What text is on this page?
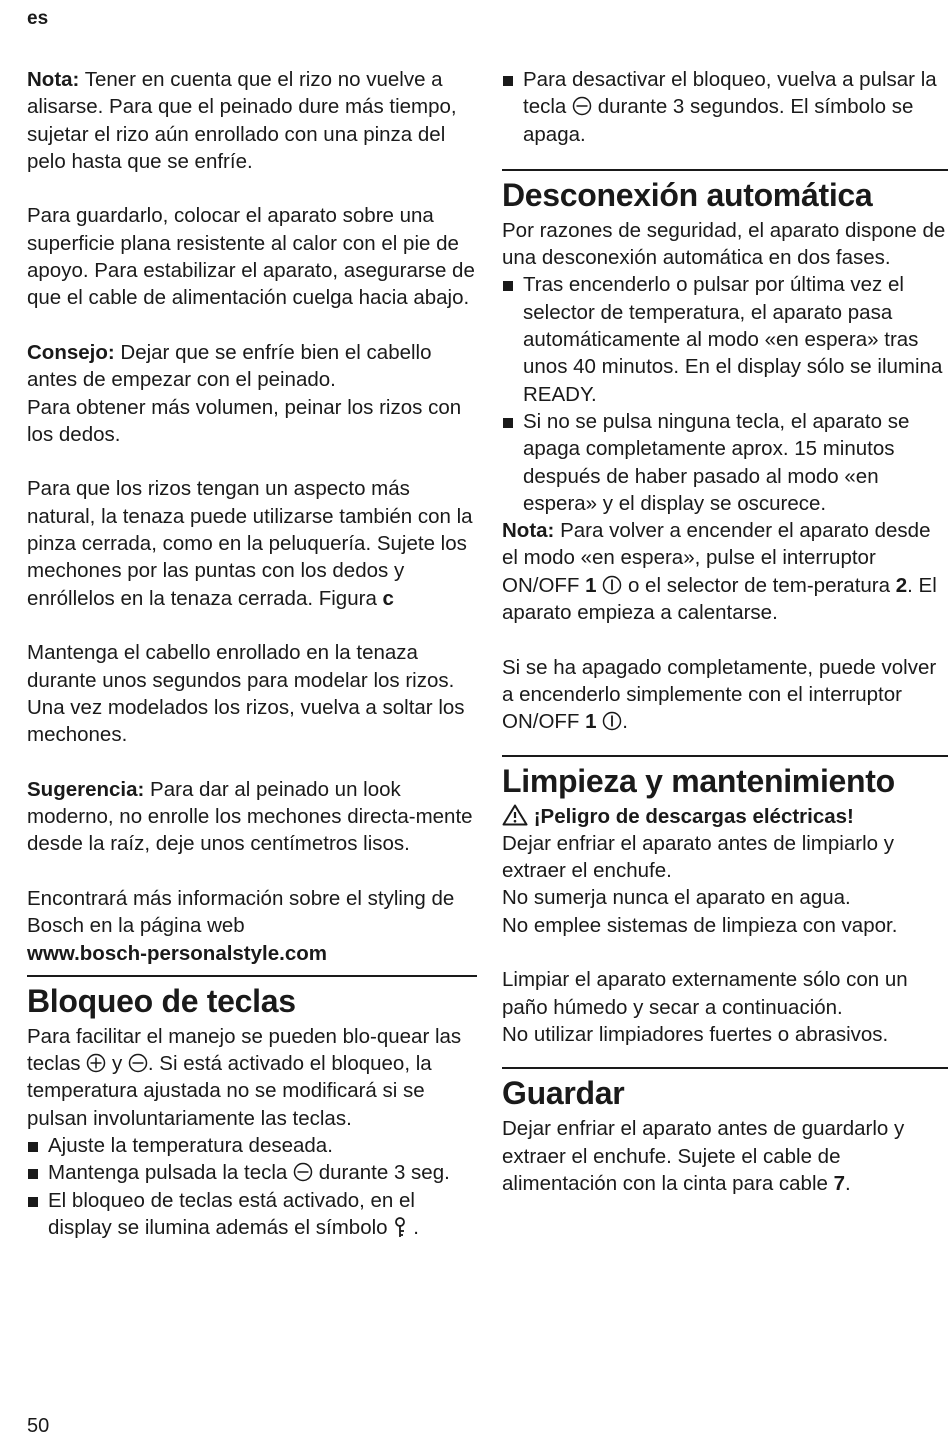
es

Nota: Tener en cuenta que el rizo no vuelve a alisarse. Para que el peinado dure más tiempo, sujetar el rizo aún enrollado con una pinza del pelo hasta que se enfríe.

Para guardarlo, colocar el aparato sobre una superficie plana resistente al calor con el pie de apoyo. Para estabilizar el aparato, asegurarse de que el cable de alimentación cuelga hacia abajo.

Consejo: Dejar que se enfríe bien el cabello antes de empezar con el peinado.
Para obtener más volumen, peinar los rizos con los dedos.

Para que los rizos tengan un aspecto más natural, la tenaza puede utilizarse también con la pinza cerrada, como en la peluquería. Sujete los mechones por las puntas con los dedos y enróllelos en la tenaza cerrada. Figura c

Mantenga el cabello enrollado en la tenaza durante unos segundos para modelar los rizos. Una vez modelados los rizos, vuelva a soltar los mechones.

Sugerencia: Para dar al peinado un look moderno, no enrolle los mechones directa-mente desde la raíz, deje unos centímetros lisos.

Encontrará más información sobre el styling de Bosch en la página web
www.bosch-personalstyle.com

Bloqueo de teclas

Para facilitar el manejo se pueden blo-quear las teclas
y
. Si está activado el bloqueo, la temperatura ajustada no se modificará si se pulsan involuntariamente las teclas.

Ajuste la temperatura deseada.
Mantenga pulsada la tecla
durante 3 seg.
El bloqueo de teclas está activado, en el display se ilumina además el símbolo
.
Para desactivar el bloqueo, vuelva a pulsar la tecla
durante 3 segundos. El símbolo se apaga.
Desconexión automática

Por razones de seguridad, el aparato dispone de una desconexión automática en dos fases.

Tras encenderlo o pulsar por última vez el selector de temperatura, el aparato pasa automáticamente al modo «en espera» tras unos 40 minutos. En el display sólo se ilumina READY.
Si no se pulsa ninguna tecla, el aparato se apaga completamente aprox. 15 minutos después de haber pasado al modo «en espera» y el display se oscurece.

Nota: Para volver a encender el aparato desde el modo «en espera», pulse el interruptor ON/OFF 1
o el selector de tem-peratura 2. El aparato empieza a calentarse.

Si se ha apagado completamente, puede volver a encenderlo simplemente con el interruptor ON/OFF 1 .

Limpieza y mantenimiento
¡Peligro de descargas eléctricas!

Dejar enfriar el aparato antes de limpiarlo y extraer el enchufe.
No sumerja nunca el aparato en agua.
No emplee sistemas de limpieza con vapor.

Limpiar el aparato externamente sólo con un paño húmedo y secar a continuación.
No utilizar limpiadores fuertes o abrasivos.

Guardar

Dejar enfriar el aparato antes de guardarlo y extraer el enchufe. Sujete el cable de alimentación con la cinta para cable 7.

50
